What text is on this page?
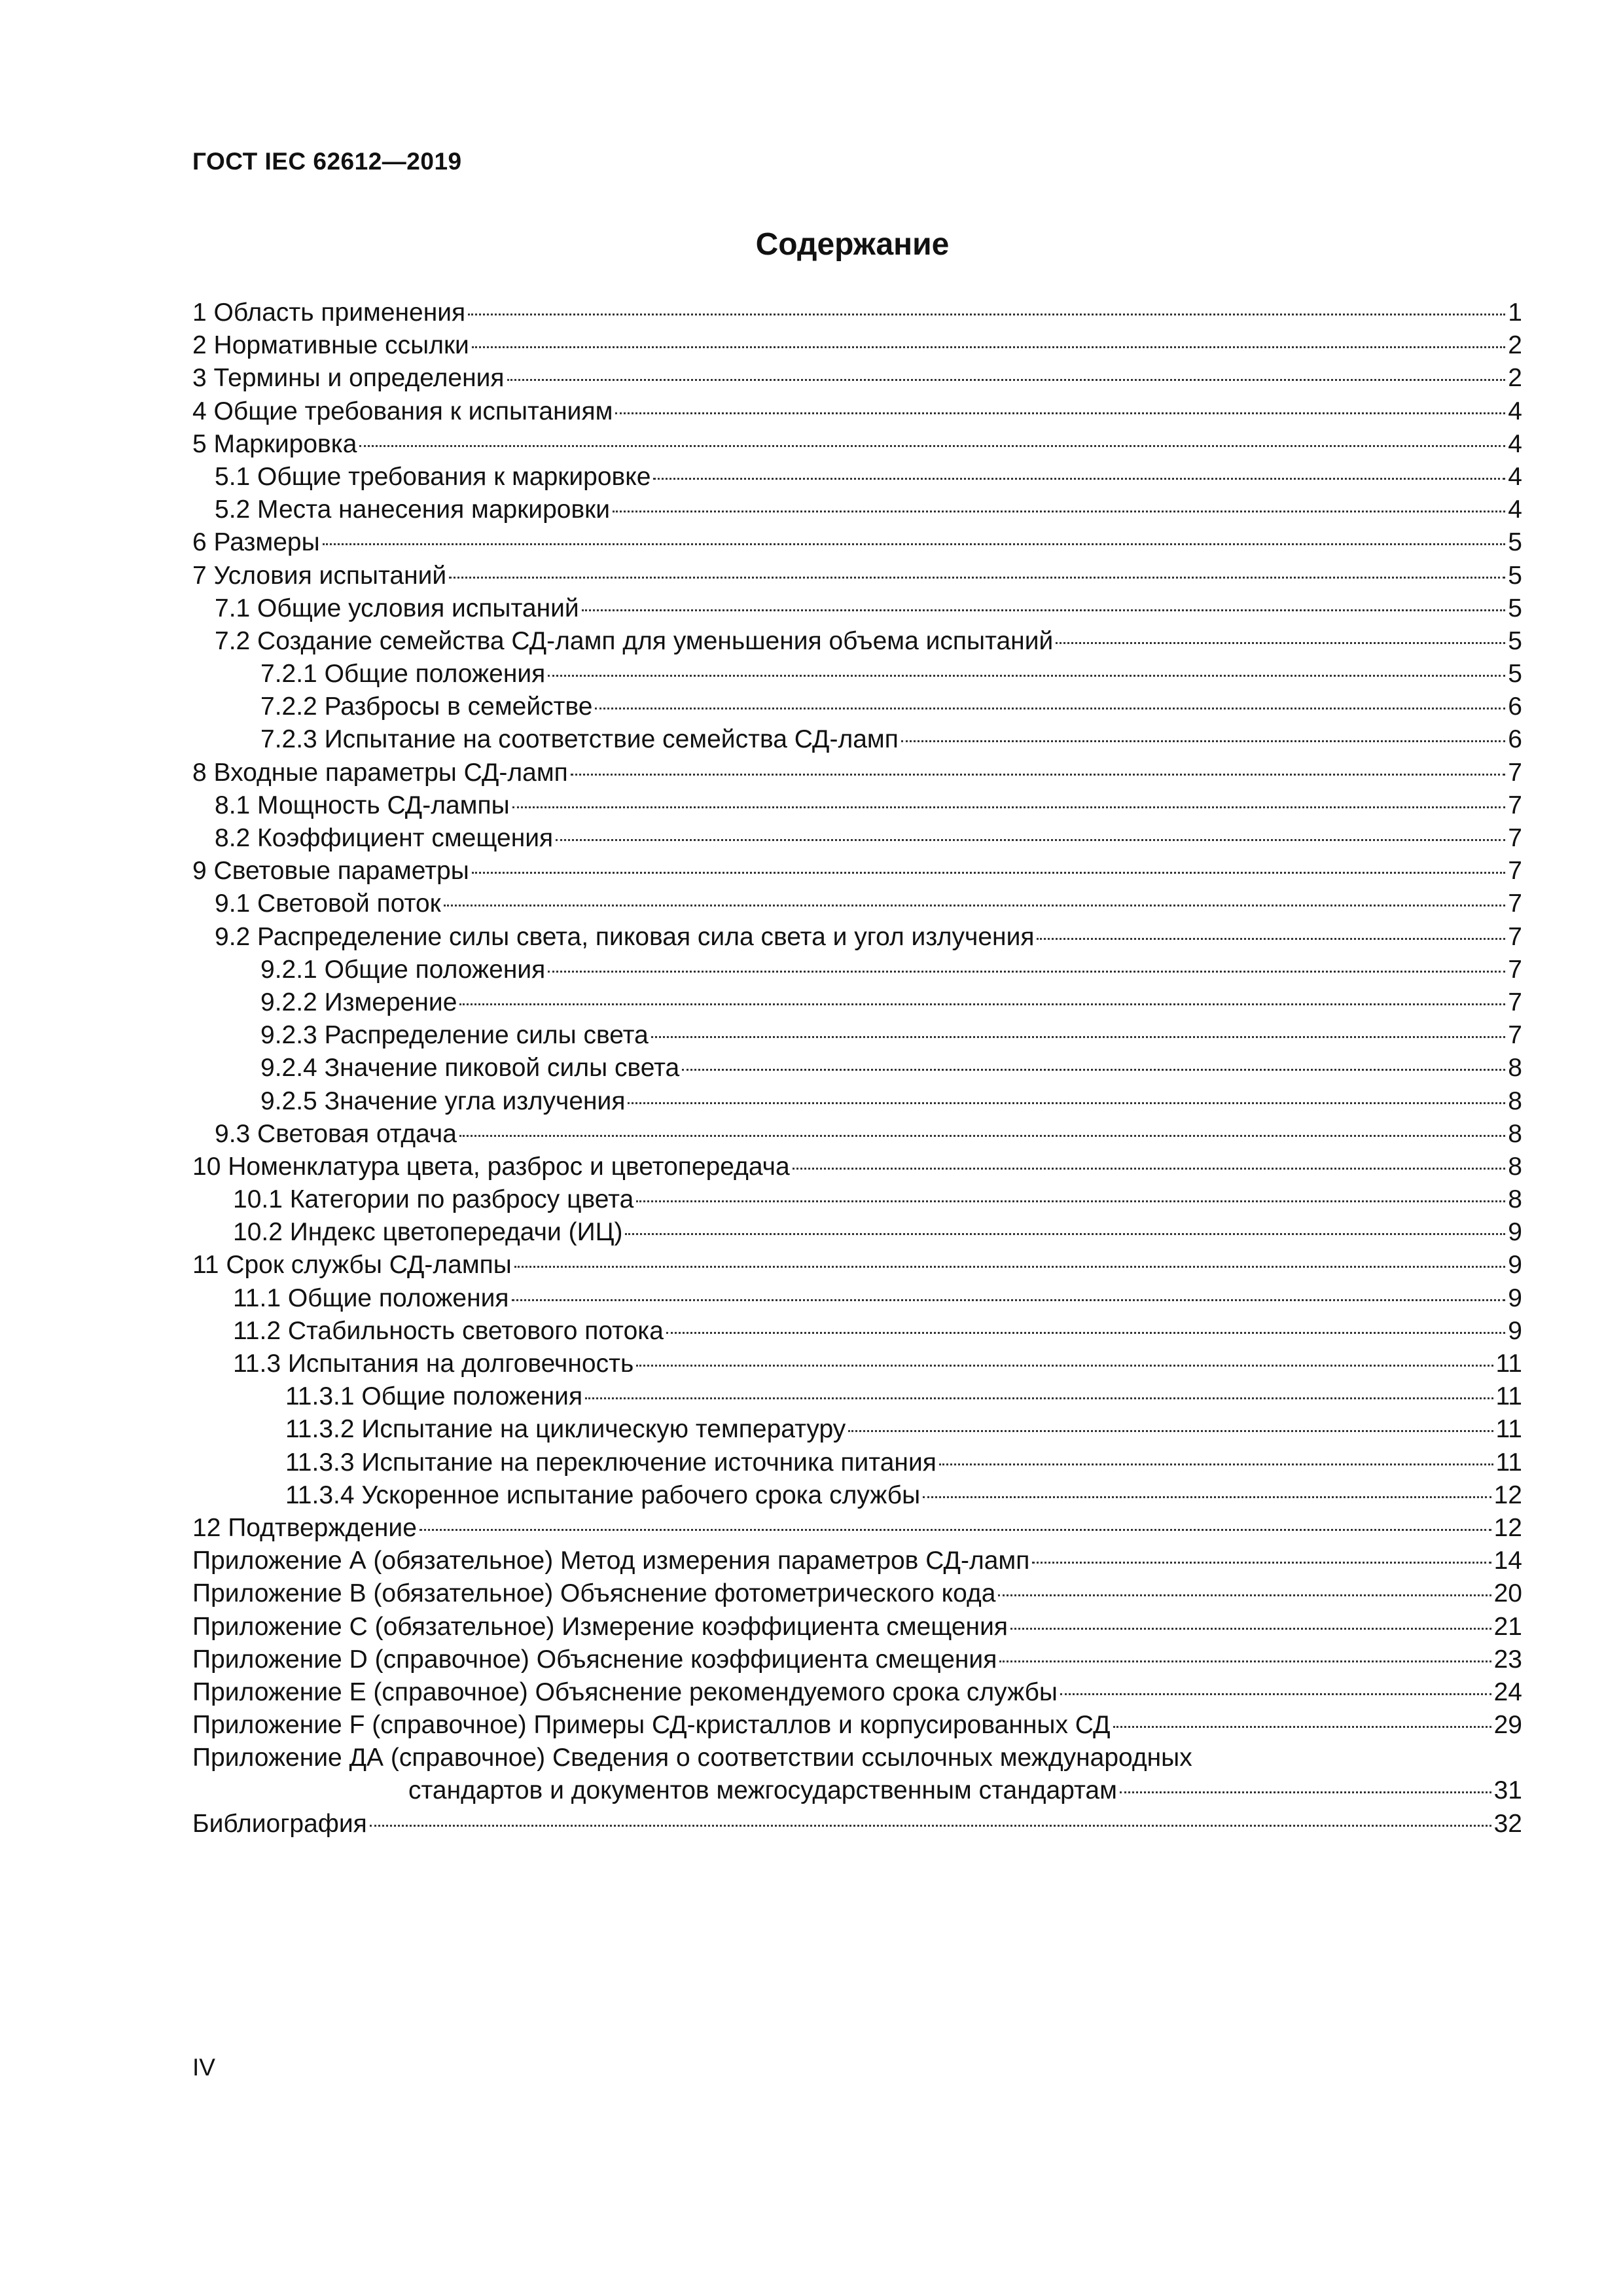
ГОСТ IEC 62612—2019
Содержание
1 Область применения	1
2 Нормативные ссылки	2
3 Термины и определения	2
4 Общие требования к испытаниям	4
5 Маркировка	4
5.1 Общие требования к маркировке	4
5.2 Места нанесения маркировки	4
6 Размеры	5
7 Условия испытаний	5
7.1 Общие условия испытаний	5
7.2 Создание семейства СД-ламп для уменьшения объема испытаний	5
7.2.1 Общие положения	5
7.2.2 Разбросы в семействе	6
7.2.3 Испытание на соответствие семейства СД-ламп	6
8 Входные параметры СД-ламп	7
8.1 Мощность СД-лампы	7
8.2 Коэффициент смещения	7
9 Световые параметры	7
9.1 Световой поток	7
9.2 Распределение силы света, пиковая сила света и угол излучения	7
9.2.1 Общие положения	7
9.2.2 Измерение	7
9.2.3 Распределение силы света	7
9.2.4 Значение пиковой силы света	8
9.2.5 Значение угла излучения	8
9.3 Световая отдача	8
10 Номенклатура цвета, разброс и цветопередача	8
10.1 Категории по разбросу цвета	8
10.2 Индекс цветопередачи (ИЦ)	9
11 Срок службы СД-лампы	9
11.1 Общие положения	9
11.2 Стабильность светового потока	9
11.3 Испытания на долговечность	11
11.3.1 Общие положения	11
11.3.2 Испытание на циклическую температуру	11
11.3.3 Испытание на переключение источника питания	11
11.3.4 Ускоренное испытание рабочего срока службы	12
12 Подтверждение	12
Приложение А (обязательное) Метод измерения параметров СД-ламп	14
Приложение В (обязательное) Объяснение фотометрического кода	20
Приложение С (обязательное) Измерение коэффициента смещения	21
Приложение D (справочное) Объяснение коэффициента смещения	23
Приложение Е (справочное) Объяснение рекомендуемого срока службы	24
Приложение F (справочное) Примеры СД-кристаллов и корпусированных СД	29
Приложение ДА (справочное) Сведения о соответствии ссылочных международных
стандартов и документов межгосударственным стандартам	31
Библиография	32
IV
